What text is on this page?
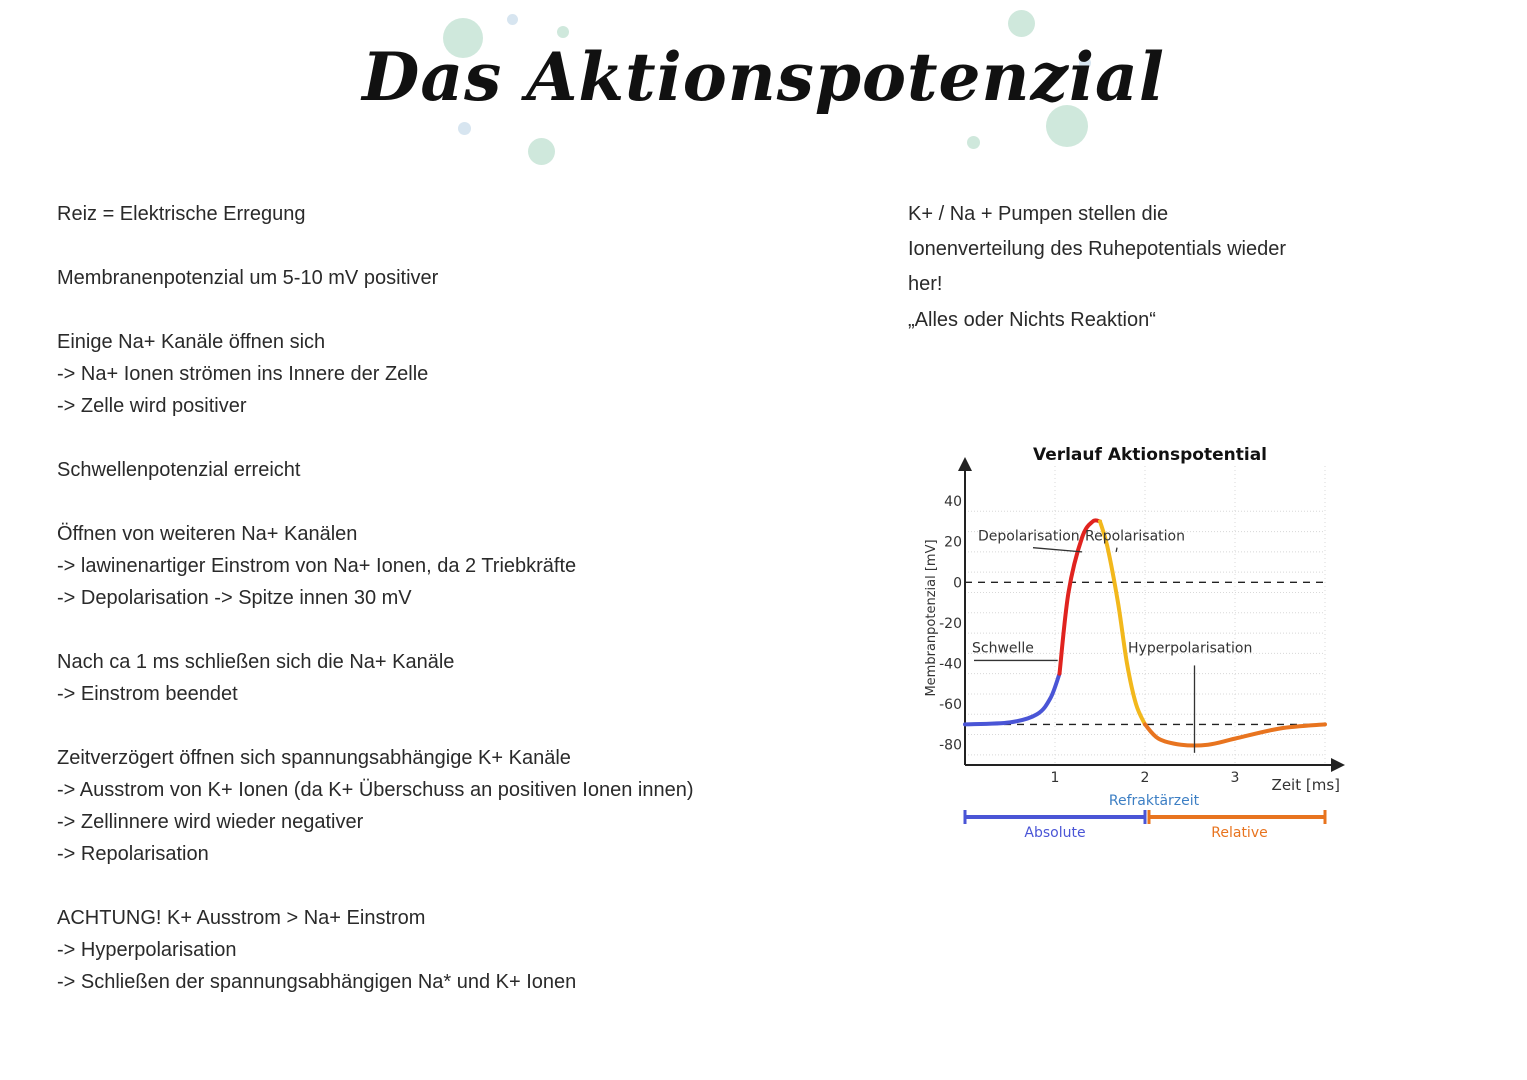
Das Aktionspotenzial
Reiz = Elektrische Erregung
Membranenpotenzial um 5-10 mV positiver
Einige Na+ Kanäle öffnen sich
-> Na+ Ionen strömen ins Innere der Zelle
-> Zelle wird positiver
Schwellenpotenzial erreicht
Öffnen von weiteren Na+ Kanälen
-> lawinenartiger Einstrom von Na+ Ionen, da 2 Triebkräfte
-> Depolarisation -> Spitze innen 30 mV
Nach ca 1 ms schließen sich die Na+ Kanäle
-> Einstrom beendet
Zeitverzögert öffnen sich spannungsabhängige K+ Kanäle
-> Ausstrom von K+ Ionen (da K+ Überschuss an positiven Ionen innen)
-> Zellinnere wird wieder negativer
-> Repolarisation
ACHTUNG! K+ Ausstrom > Na+ Einstrom
-> Hyperpolarisation
-> Schließen der spannungsabhängigen Na* und K+ Ionen
K+ / Na + Pumpen stellen die
Ionenverteilung des Ruhepotentials wieder
her!
„Alles oder Nichts Reaktion“
40
20
0
-20
-40
-60
-80
1	2	3
Verlauf Aktionspotential
Zeit [ms]
Membranpotenzial [mV]
Depolarisation Repolarisation
Schwelle	Hyperpolarisation
Refraktärzeit
Absolute	Relative
